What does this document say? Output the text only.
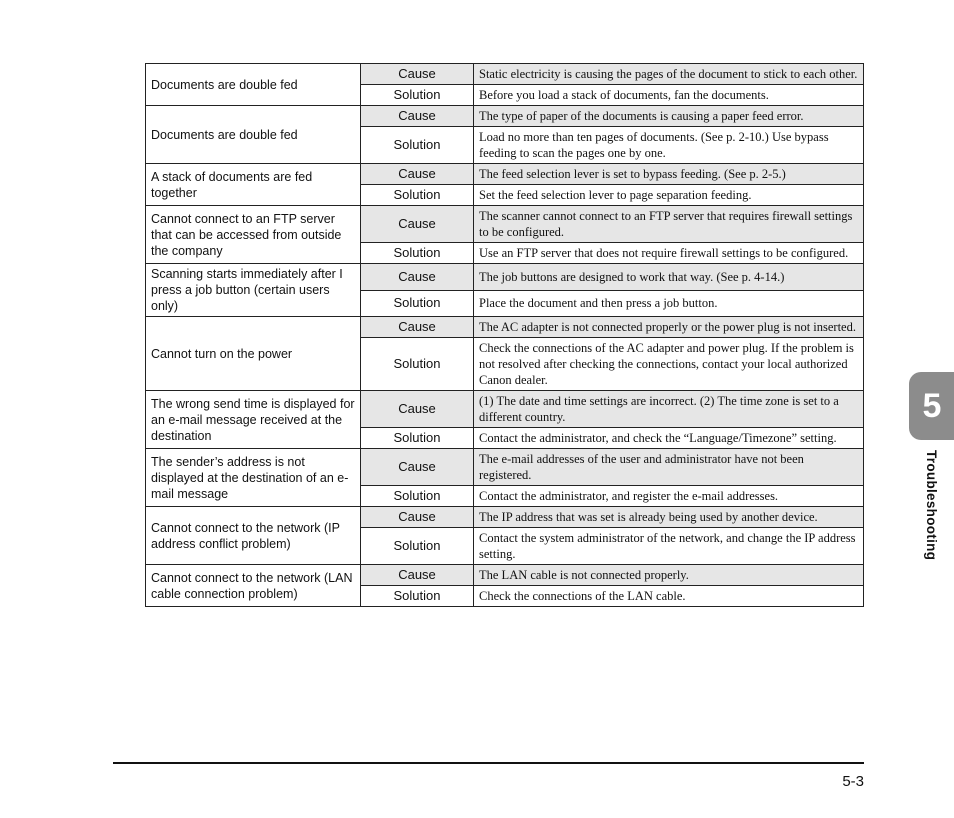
Documents are double fed	Cause	Static electricity is causing the pages of the document to stick to each other.
	Solution	Before you load a stack of documents, fan the documents.
Documents are double fed	Cause	The type of paper of the documents is causing a paper feed error.
	Solution	Load no more than ten pages of documents. (See p. 2-10.) Use bypass feeding to scan the pages one by one.
A stack of documents are fed together	Cause	The feed selection lever is set to bypass feeding. (See p. 2-5.)
	Solution	Set the feed selection lever to page separation feeding.
Cannot connect to an FTP server that can be accessed from outside the company	Cause	The scanner cannot connect to an FTP server that requires firewall settings to be configured.
	Solution	Use an FTP server that does not require firewall settings to be configured.
Scanning starts immediately after I press a job button (certain users only)	Cause	The job buttons are designed to work that way. (See p. 4-14.)
	Solution	Place the document and then press a job button.
Cannot turn on the power	Cause	The AC adapter is not connected properly or the power plug is not inserted.
	Solution	Check the connections of the AC adapter and power plug. If the problem is not resolved after checking the connections, contact your local authorized Canon dealer.
The wrong send time is displayed for an e-mail message received at the destination	Cause	(1) The date and time settings are incorrect. (2) The time zone is set to a different country.
	Solution	Contact the administrator, and check the “Language/Timezone” setting.
The sender’s address is not displayed at the destination of an e-mail message	Cause	The e-mail addresses of the user and administrator have not been registered.
	Solution	Contact the administrator, and register the e-mail addresses.
Cannot connect to the network (IP address conflict problem)	Cause	The IP address that was set is already being used by another device.
	Solution	Contact the system administrator of the network, and change the IP address setting.
Cannot connect to the network (LAN cable connection problem)	Cause	The LAN cable is not connected properly.
	Solution	Check the connections of the LAN cable.
5
Troubleshooting
5-3
